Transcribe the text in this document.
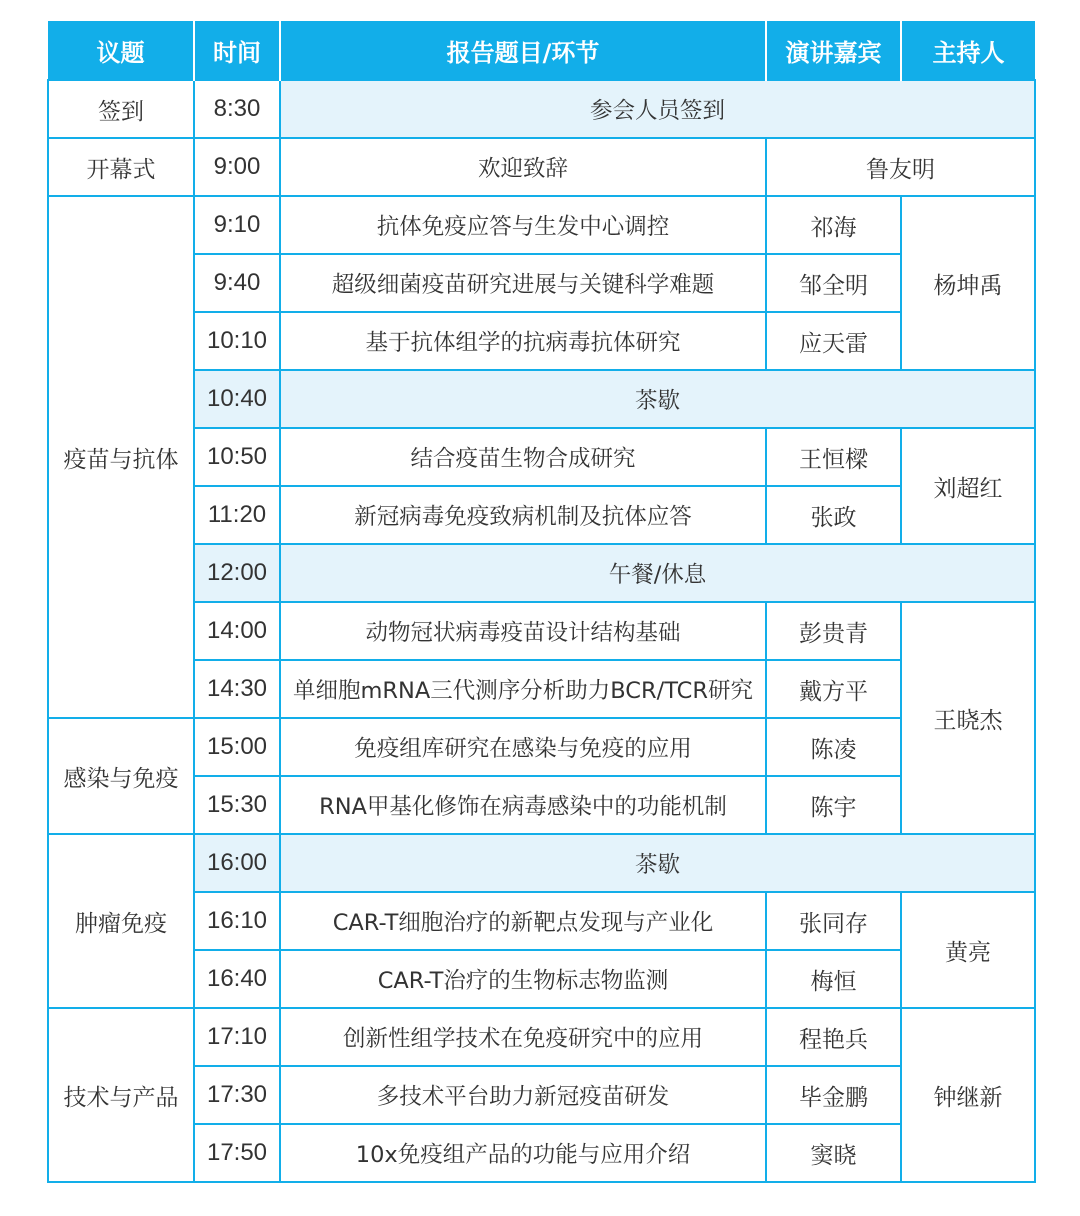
议题	时间	报告题目/环节	演讲嘉宾	主持人
签到	8:30	参会人员签到		
开幕式	9:00	欢迎致辞	鲁友明	
疫苗与抗体	9:10	抗体免疫应答与生发中心调控	祁海	杨坤禹
	9:40	超级细菌疫苗研究进展与关键科学难题	邹全明	
	10:10	基于抗体组学的抗病毒抗体研究	应天雷	
	10:40	茶歇		
	10:50	结合疫苗生物合成研究	王恒樑	刘超红
	11:20	新冠病毒免疫致病机制及抗体应答	张政	
	12:00	午餐/休息		
	14:00	动物冠状病毒疫苗设计结构基础	彭贵青	王晓杰
	14:30	单细胞mRNA三代测序分析助力BCR/TCR研究	戴方平	
感染与免疫	15:00	免疫组库研究在感染与免疫的应用	陈凌	
	15:30	RNA甲基化修饰在病毒感染中的功能机制	陈宇	
肿瘤免疫	16:00	茶歇		
	16:10	CAR-T细胞治疗的新靶点发现与产业化	张同存	黄亮
	16:40	CAR-T治疗的生物标志物监测	梅恒	
技术与产品	17:10	创新性组学技术在免疫研究中的应用	程艳兵	钟继新
	17:30	多技术平台助力新冠疫苗研发	毕金鹏	
	17:50	10x免疫组产品的功能与应用介绍	窦晓	
